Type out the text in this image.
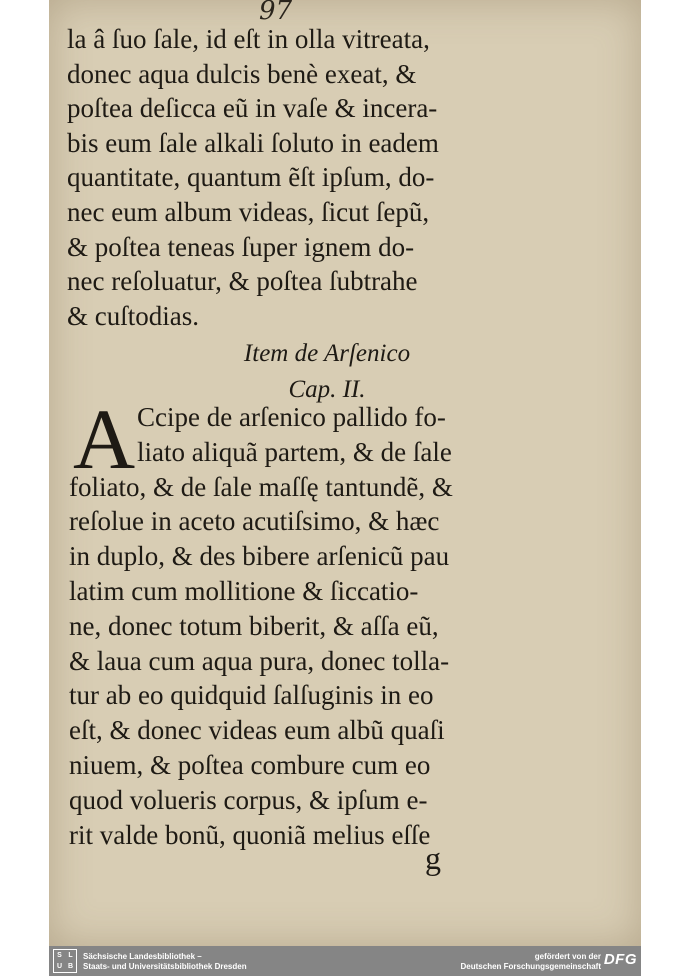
97
la â ſuo ſale, id eſt in olla vitreata,
donec aqua dulcis benè exeat, &
poſtea deſicca eũ in vaſe & incera-
bis eum ſale alkali ſoluto in eadem
quantitate, quantum ẽſt ipſum, do-
nec eum album videas, ſicut ſepũ,
& poſtea teneas ſuper ignem do-
nec reſoluatur, & poſtea ſubtrahe
& cuſtodias.
Item de Arſenico
Cap. II.
A Ccipe de arſenico pallido fo-
liato aliquã partem, & de ſale
foliato, & de ſale maſſę tantundẽ, &
reſolue in aceto acutiſsimo, & hæc
in duplo, & des bibere arſenicũ pau
latim cum mollitione & ſiccatio-
ne, donec totum biberit, & aſſa eũ,
& laua cum aqua pura, donec tolla-
tur ab eo quidquid ſalſuginis in eo
eſt, & donec videas eum albũ quaſi
niuem, & poſtea combure cum eo
quod volueris corpus, & ipſum e-
rit valde bonũ, quoniã melius eſſe
g
S L
U B
Sächsische Landesbibliothek –
Staats- und Universitätsbibliothek Dresden
gefördert von der
Deutschen Forschungsgemeinschaft DFG
